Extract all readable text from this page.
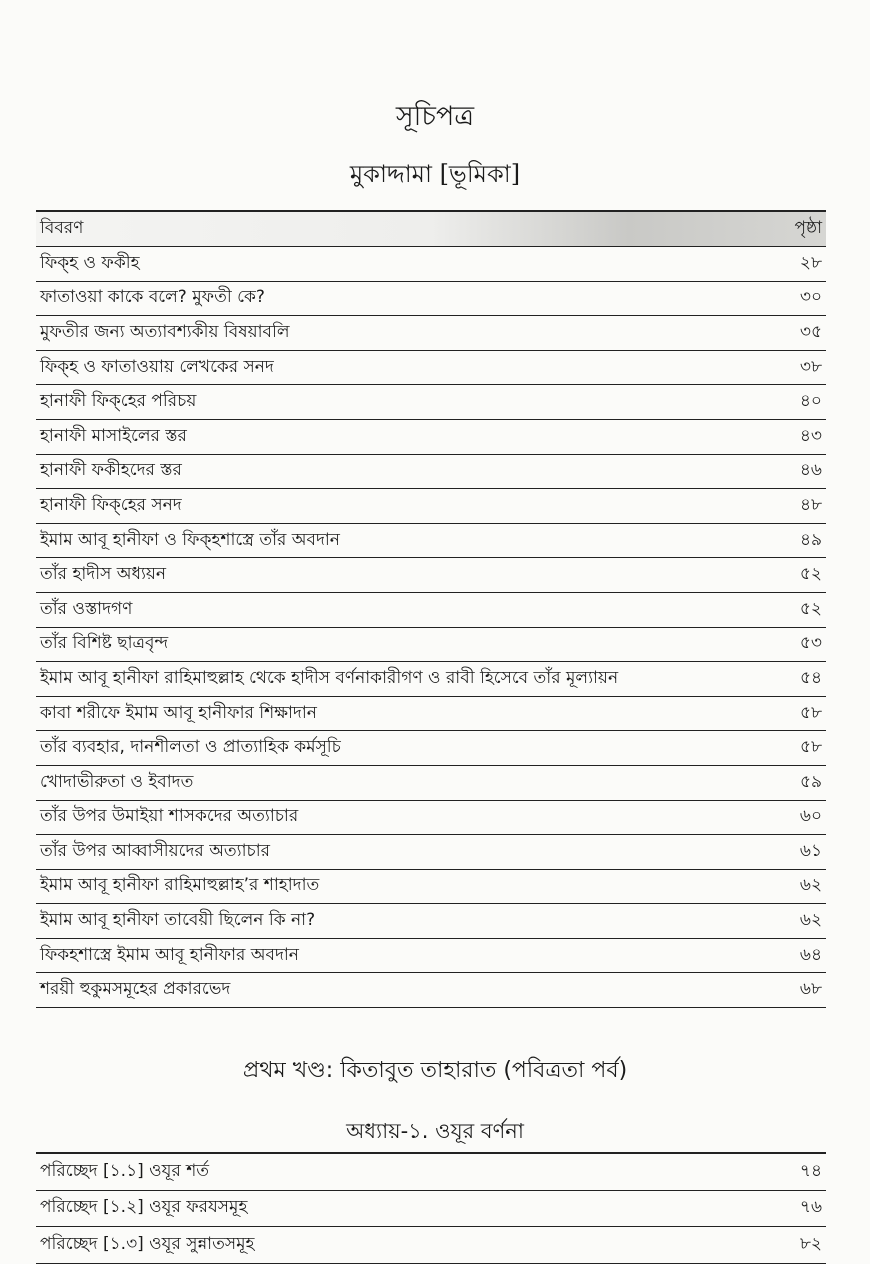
সূচিপত্র
মুকাদ্দামা [ভূমিকা]
বিবরণ	পৃষ্ঠা
ফিক্‌হ ও ফকীহ	২৮
ফাতাওয়া কাকে বলে? মুফতী কে?	৩০
মুফতীর জন্য অত্যাবশ্যকীয় বিষয়াবলি	৩৫
ফিক্‌হ ও ফাতাওয়ায় লেখকের সনদ	৩৮
হানাফী ফিক্‌হের পরিচয়	৪০
হানাফী মাসাইলের স্তর	৪৩
হানাফী ফকীহদের স্তর	৪৬
হানাফী ফিক্‌হের সনদ	৪৮
ইমাম আবূ হানীফা ও ফিক্‌হশাস্ত্রে তাঁর অবদান	৪৯
তাঁর হাদীস অধ্যয়ন	৫২
তাঁর ওস্তাদগণ	৫২
তাঁর বিশিষ্ট ছাত্রবৃন্দ	৫৩
ইমাম আবূ হানীফা রাহিমাহুল্লাহ থেকে হাদীস বর্ণনাকারীগণ ও রাবী হিসেবে তাঁর মূল্যায়ন	৫৪
কাবা শরীফে ইমাম আবূ হানীফার শিক্ষাদান	৫৮
তাঁর ব্যবহার, দানশীলতা ও প্রাত্যাহিক কর্মসূচি	৫৮
খোদাভীরুতা ও ইবাদত	৫৯
তাঁর উপর উমাইয়া শাসকদের অত্যাচার	৬০
তাঁর উপর আব্বাসীয়দের অত্যাচার	৬১
ইমাম আবূ হানীফা রাহিমাহুল্লাহ’র শাহাদাত	৬২
ইমাম আবূ হানীফা তাবেয়ী ছিলেন কি না?	৬২
ফিকহশাস্ত্রে ইমাম আবূ হানীফার অবদান	৬৪
শরয়ী হুকুমসমূহের প্রকারভেদ	৬৮
প্রথম খণ্ড: কিতাবুত তাহারাত (পবিত্রতা পর্ব)
অধ্যায়-১. ওযূর বর্ণনা
পরিচ্ছেদ [১.১] ওযূর শর্ত	৭৪
পরিচ্ছেদ [১.২] ওযূর ফরযসমূহ	৭৬
পরিচ্ছেদ [১.৩] ওযূর সুন্নাতসমূহ	৮২
